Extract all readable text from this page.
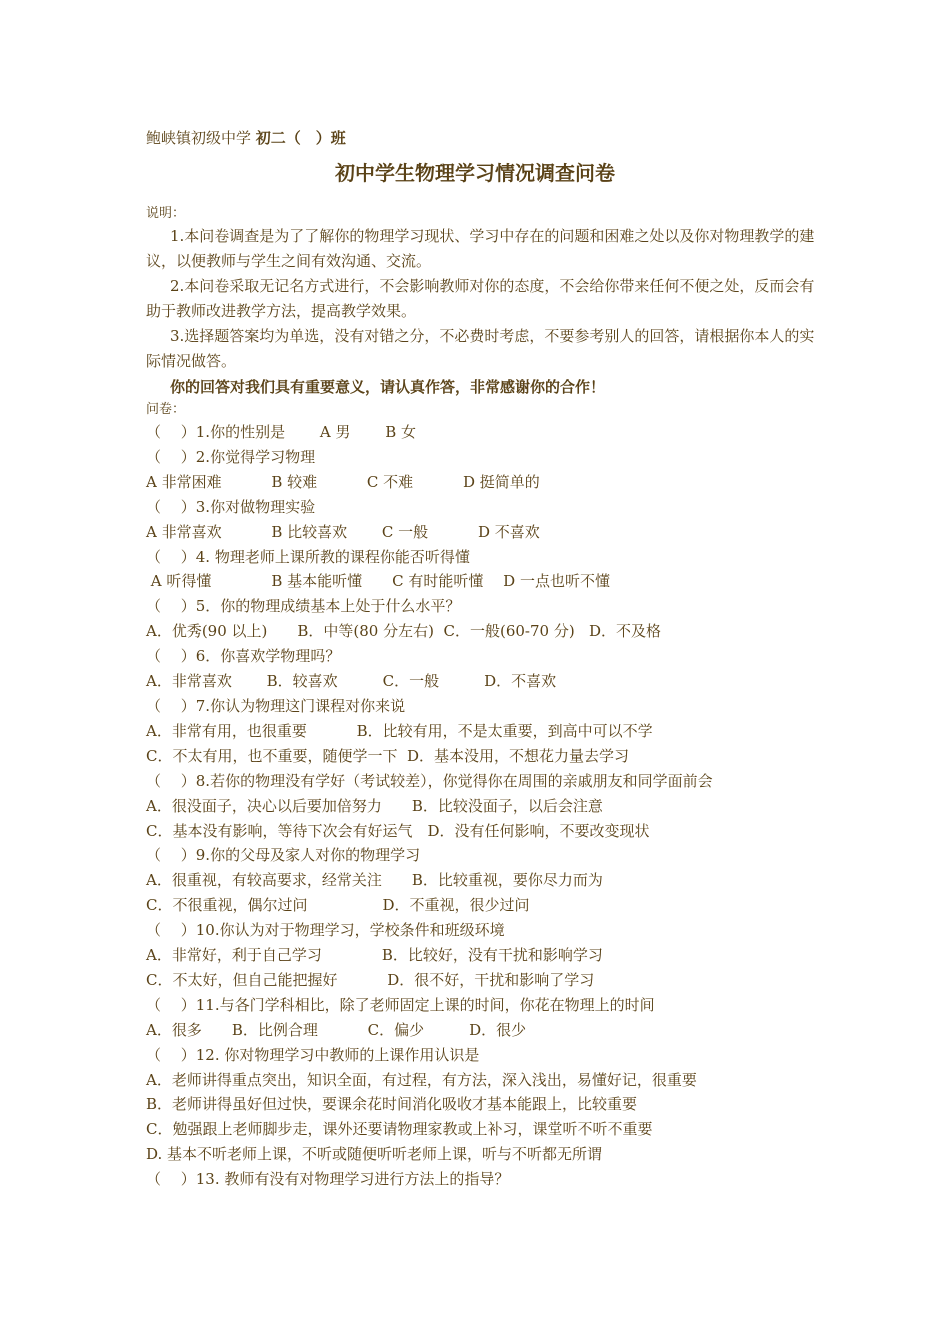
鲍峡镇初级中学 初二（　）班
初中学生物理学习情况调查问卷
说明：

1.本问卷调查是为了了解你的物理学习现状、学习中存在的问题和困难之处以及你对物理教学的建议，以便教师与学生之间有效沟通、交流。

2.本问卷采取无记名方式进行，不会影响教师对你的态度，不会给你带来任何不便之处，反而会有助于教师改进教学方法，提高教学效果。

3.选择题答案均为单选，没有对错之分，不必费时考虑，不要参考别人的回答，请根据你本人的实际情况做答。

你的回答对我们具有重要意义，请认真作答，非常感谢你的合作！

问卷：

（　 ）1.你的性别是　　 A 男　　 B 女

（　 ）2.你觉得学习物理

A 非常困难　　　 B 较难　　　 C 不难　　　 D 挺简单的

（　 ）3.你对做物理实验

A 非常喜欢　　　 B 比较喜欢　　 C 一般　　　 D 不喜欢

（　 ）4. 物理老师上课所教的课程你能否听得懂

A 听得懂　　　　B 基本能听懂　　C 有时能听懂　 D 一点也听不懂

（　 ）5．你的物理成绩基本上处于什么水平？

A．优秀(90 以上)　　B．中等(80 分左右)  C．一般(60-70 分)   D．不及格

（　 ）6．你喜欢学物理吗？

A．非常喜欢　　 B．较喜欢　　　C．一般　　　D．不喜欢

（　 ）7.你认为物理这门课程对你来说

A．非常有用，也很重要　　　 B．比较有用，不是太重要，到高中可以不学

C．不太有用，也不重要，随便学一下  D．基本没用，不想花力量去学习

（　 ）8.若你的物理没有学好（考试较差），你觉得你在周围的亲戚朋友和同学面前会

A．很没面子，决心以后要加倍努力　　B．比较没面子，以后会注意

C．基本没有影响，等待下次会有好运气　D．没有任何影响，不要改变现状

（　 ）9.你的父母及家人对你的物理学习

A．很重视，有较高要求，经常关注　　B．比较重视，要你尽力而为

C．不很重视，偶尔过问　　　　　D．不重视，很少过问

（　 ）10.你认为对于物理学习，学校条件和班级环境

A．非常好，利于自己学习　　　　B．比较好，没有干扰和影响学习

C．不太好，但自己能把握好　　　 D．很不好，干扰和影响了学习

（　 ）11.与各门学科相比，除了老师固定上课的时间，你花在物理上的时间

A．很多　　B．比例合理　　　 C．偏少　　　D．很少

（　 ）12. 你对物理学习中教师的上课作用认识是

A．老师讲得重点突出，知识全面，有过程，有方法，深入浅出，易懂好记，很重要

B．老师讲得虽好但过快，要课余花时间消化吸收才基本能跟上，比较重要

C．勉强跟上老师脚步走，课外还要请物理家教或上补习，课堂听不听不重要

D. 基本不听老师上课，不听或随便听听老师上课，听与不听都无所谓

（　 ）13. 教师有没有对物理学习进行方法上的指导？
